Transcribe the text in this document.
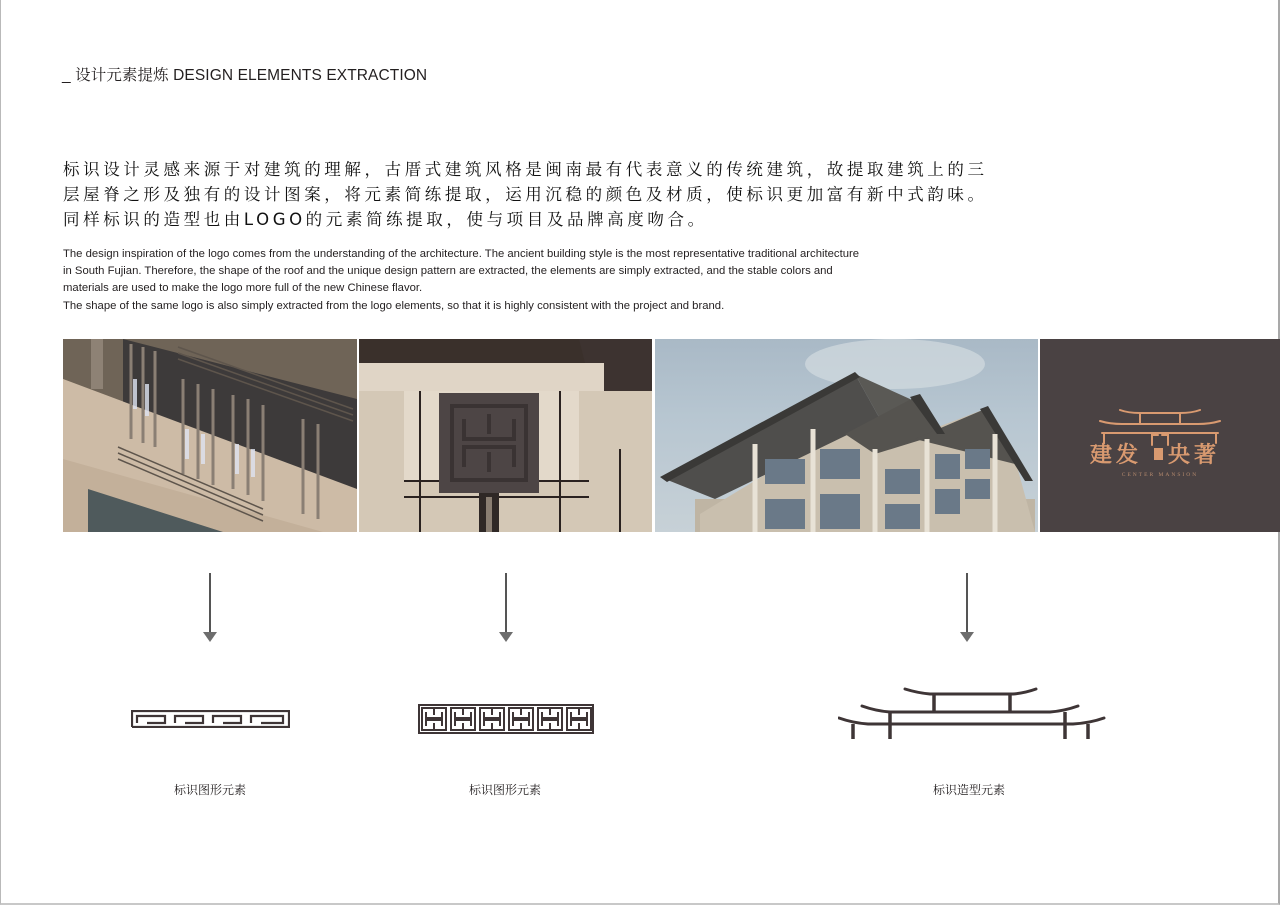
_ 设计元素提炼 DESIGN ELEMENTS EXTRACTION
标识设计灵感来源于对建筑的理解，古厝式建筑风格是闽南最有代表意义的传统建筑，故提取建筑上的三
层屋脊之形及独有的设计图案，将元素简练提取，运用沉稳的颜色及材质，使标识更加富有新中式韵味。
同样标识的造型也由LOGO的元素简练提取，使与项目及品牌高度吻合。
The design inspiration of the logo comes from the understanding of the architecture. The ancient building style is the most representative traditional architecture
in South Fujian. Therefore, the shape of the roof and the unique design pattern are extracted, the elements are simply extracted, and the stable colors and
materials are used to make the logo more full of the new Chinese flavor.
The shape of the same logo is also simply extracted from the logo elements, so that it is highly consistent with the project and brand.
建发 央著
CENTER MANSION
标识图形元素	标识图形元素	标识造型元素
